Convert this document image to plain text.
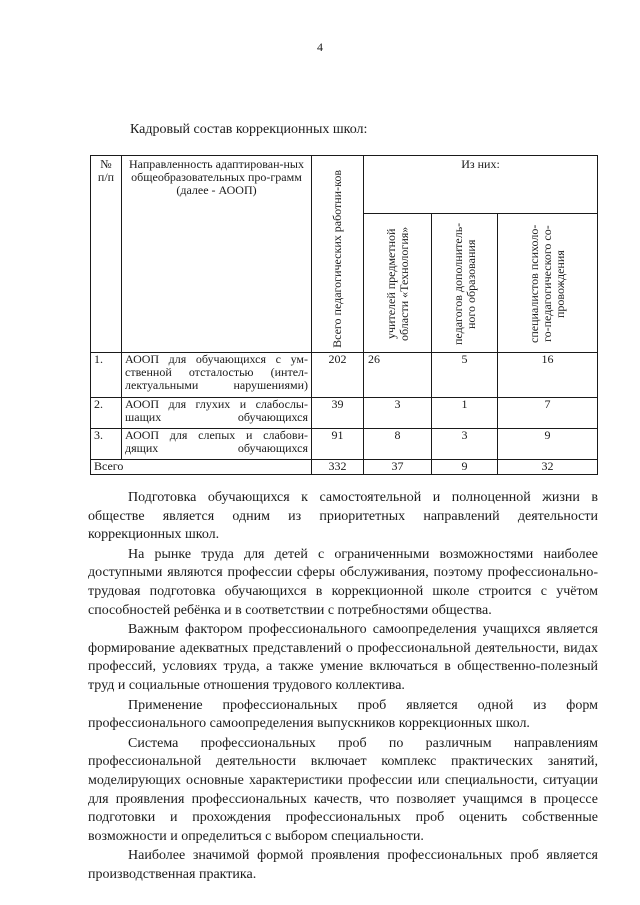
4
Кадровый состав коррекционных школ:
№ п/п	Направленность адаптирован-ных общеобразовательных про-грамм (далее - АООП)	Всего педагогических работни-ков	Из них:		

			учителей предметной области «Технология»	педагогов дополнитель-ного образования	специалистов психоло-го-педагогического со-провождения

1.	АООП для обучающихся с ум-ственной отсталостью (интел-лектуальными нарушениями)	202	26	5	16
2.	АООП для глухих и слабослы-шащих обучающихся	39	3	1	7
3.	АООП для слепых и слабови-дящих обучающихся	91	8	3	9
Всего		332	37	9	32

Подготовка обучающихся к самостоятельной и полноценной жизни в обществе является одним из приоритетных направлений деятельности коррекционных школ.

На рынке труда для детей с ограниченными возможностями наиболее доступными являются профессии сферы обслуживания, поэтому профессионально-трудовая подготовка обучающихся в коррекционной школе строится с учётом способностей ребёнка и в соответствии с потребностями общества.

Важным фактором профессионального самоопределения учащихся является формирование адекватных представлений о профессиональной деятельности, видах профессий, условиях труда, а также умение включаться в общественно-полезный труд и социальные отношения трудового коллектива.

Применение профессиональных проб является одной из форм профессионального самоопределения выпускников коррекционных школ.

Система профессиональных проб по различным направлениям профессиональной деятельности включает комплекс практических занятий, моделирующих основные характеристики профессии или специальности, ситуации для проявления профессиональных качеств, что позволяет учащимся в процессе подготовки и прохождения профессиональных проб оценить собственные возможности и определиться с выбором специальности.

Наиболее значимой формой проявления профессиональных проб является производственная практика.
